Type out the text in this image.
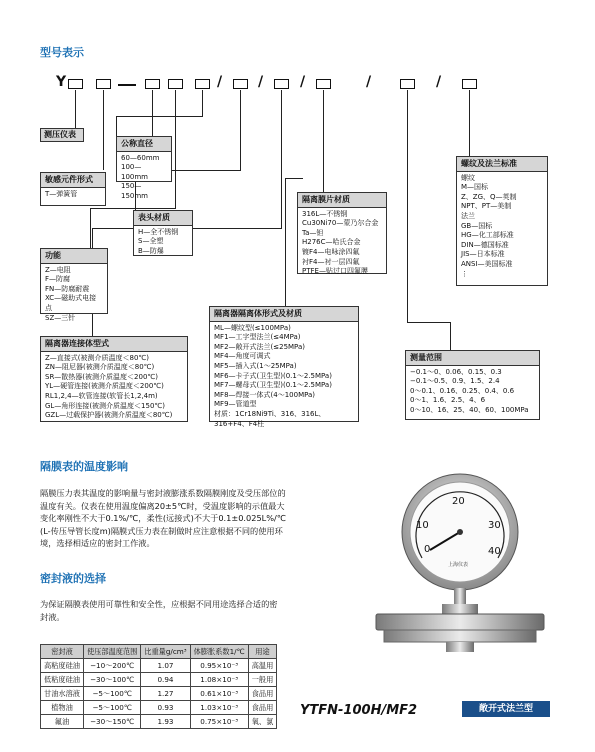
型号表示
Y	/	/	/	/	/
测压仪表
公称直径
60—60mm
100—100mm
150—150mm
敏感元件形式
T—弹簧管
表头材质
H—全不锈钢
S—全塑
B—防爆
隔离膜片材质
316L—不锈钢
Cu30Ni70—蒙乃尔合金
Ta—钽
H276C—哈氏合金
镀F4—电昹涂四氟
衬F4—衬一层四氟
PTFE—贴过口四氟膜
螺纹及法兰标准
螺纹
M—国标
Z、ZG、Q—英制
NPT、PT—美制
法兰
GB—国标
HG—化工部标准
DIN—德国标准
JIS—日本标准
ANSI—美国标准
⋮
功能
Z—电阻
F—防腐
FN—防腐耐震
XC—磁助式电接点
SZ—三针	隔离器隔离体形式及材质
ML—螺纹型(≤100MPa)
MF1—工字型法兰(≤4MPa)
MF2—敞开式法兰(≤25MPa)
MF4—角度可调式
MF5—插入式(1～25MPa)
MF6—卡子式(卫生型)(0.1～2.5MPa)
MF7—螺母式(卫生型)(0.1～2.5MPa)
MF8—焊接一体式(4～100MPa)
MF9—管道型
材质：1Cr18Ni9Ti、316、316L、316+F4、F4柱
隔离器连接体型式
Z—直接式(被测介质温度＜80℃)
ZN—阻尼器(被测介质温度＜80℃)
SR—散热器(被测介质温度＜200℃)
YL—硬管连接(被测介质温度＜200℃)
RL1,2,4—软管连接(软管长1,2,4m)
GL—角形连接(被测介质温度＜150℃)
GZL—过载保护器(被测介质温度＜80℃)
测量范围
−0.1～0、0.06、0.15、0.3
−0.1～0.5、0.9、1.5、2.4
0～0.1、0.16、0.25、0.4、0.6
0～1、1.6、2.5、4、6
0～10、16、25、40、60、100MPa
隔膜表的温度影响

隔膜压力表其温度的影响量与密封液膨涨系数隔膜刚度及受压部位的温度有关。仪表在使用温度偏离20±5℃时，受温度影响的示值最大变化率刚性不大于0.1%/℃，柔性(远接式)不大于0.1±0.025L%/℃(L-传压导管长度m)隔膜式压力表在制做时应注意根据不同的使用环境，选择相适应的密封工作液。

密封液的选择

为保证隔膜表使用可靠性和安全性，应根据不同用途选择合适的密封液。

密封液	使压部温度范围	比重量g/cm³	体膨胀系数1/℃	用途
高粘度硅油	−10～200℃	1.07	0.95×10⁻³	高温用
低粘度硅油	−30～100℃	0.94	1.08×10⁻³	一般用
甘油水溶液	−5～100℃	1.27	0.61×10⁻³	食品用
植物油	−5～100℃	0.93	1.03×10⁻³	食品用
氟油	−30～150℃	1.93	0.75×10⁻³	氧、氯
0
10
20
30
40
上海仪表
YTFN-100H/MF2	敞开式法兰型
